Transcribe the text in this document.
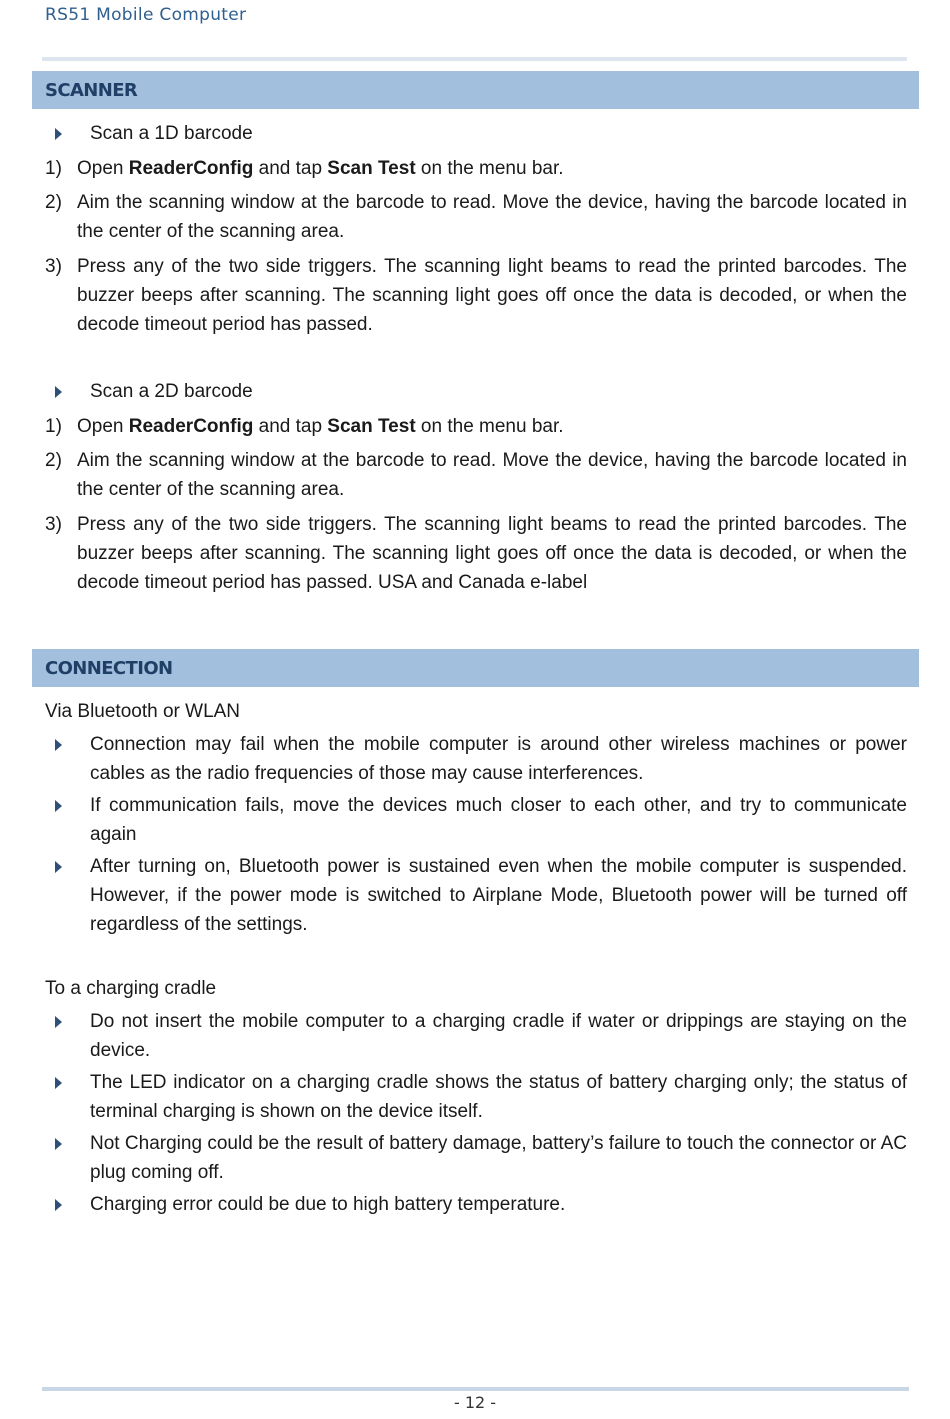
RS51 Mobile Computer
SCANNER
Scan a 1D barcode
1) Open ReaderConfig and tap Scan Test on the menu bar.
2) Aim the scanning window at the barcode to read. Move the device, having the barcode located in the center of the scanning area.
3) Press any of the two side triggers. The scanning light beams to read the printed barcodes. The buzzer beeps after scanning. The scanning light goes off once the data is decoded, or when the decode timeout period has passed.
Scan a 2D barcode
1) Open ReaderConfig and tap Scan Test on the menu bar.
2) Aim the scanning window at the barcode to read. Move the device, having the barcode located in the center of the scanning area.
3) Press any of the two side triggers. The scanning light beams to read the printed barcodes. The buzzer beeps after scanning. The scanning light goes off once the data is decoded, or when the decode timeout period has passed. USA and Canada e-label
CONNECTION
Via Bluetooth or WLAN
Connection may fail when the mobile computer is around other wireless machines or power cables as the radio frequencies of those may cause interferences.
If communication fails, move the devices much closer to each other, and try to communicate again
After turning on, Bluetooth power is sustained even when the mobile computer is suspended. However, if the power mode is switched to Airplane Mode, Bluetooth power will be turned off regardless of the settings.
To a charging cradle
Do not insert the mobile computer to a charging cradle if water or drippings are staying on the device.
The LED indicator on a charging cradle shows the status of battery charging only; the status of terminal charging is shown on the device itself.
Not Charging could be the result of battery damage, battery’s failure to touch the connector or AC plug coming off.
Charging error could be due to high battery temperature.
- 12 -
